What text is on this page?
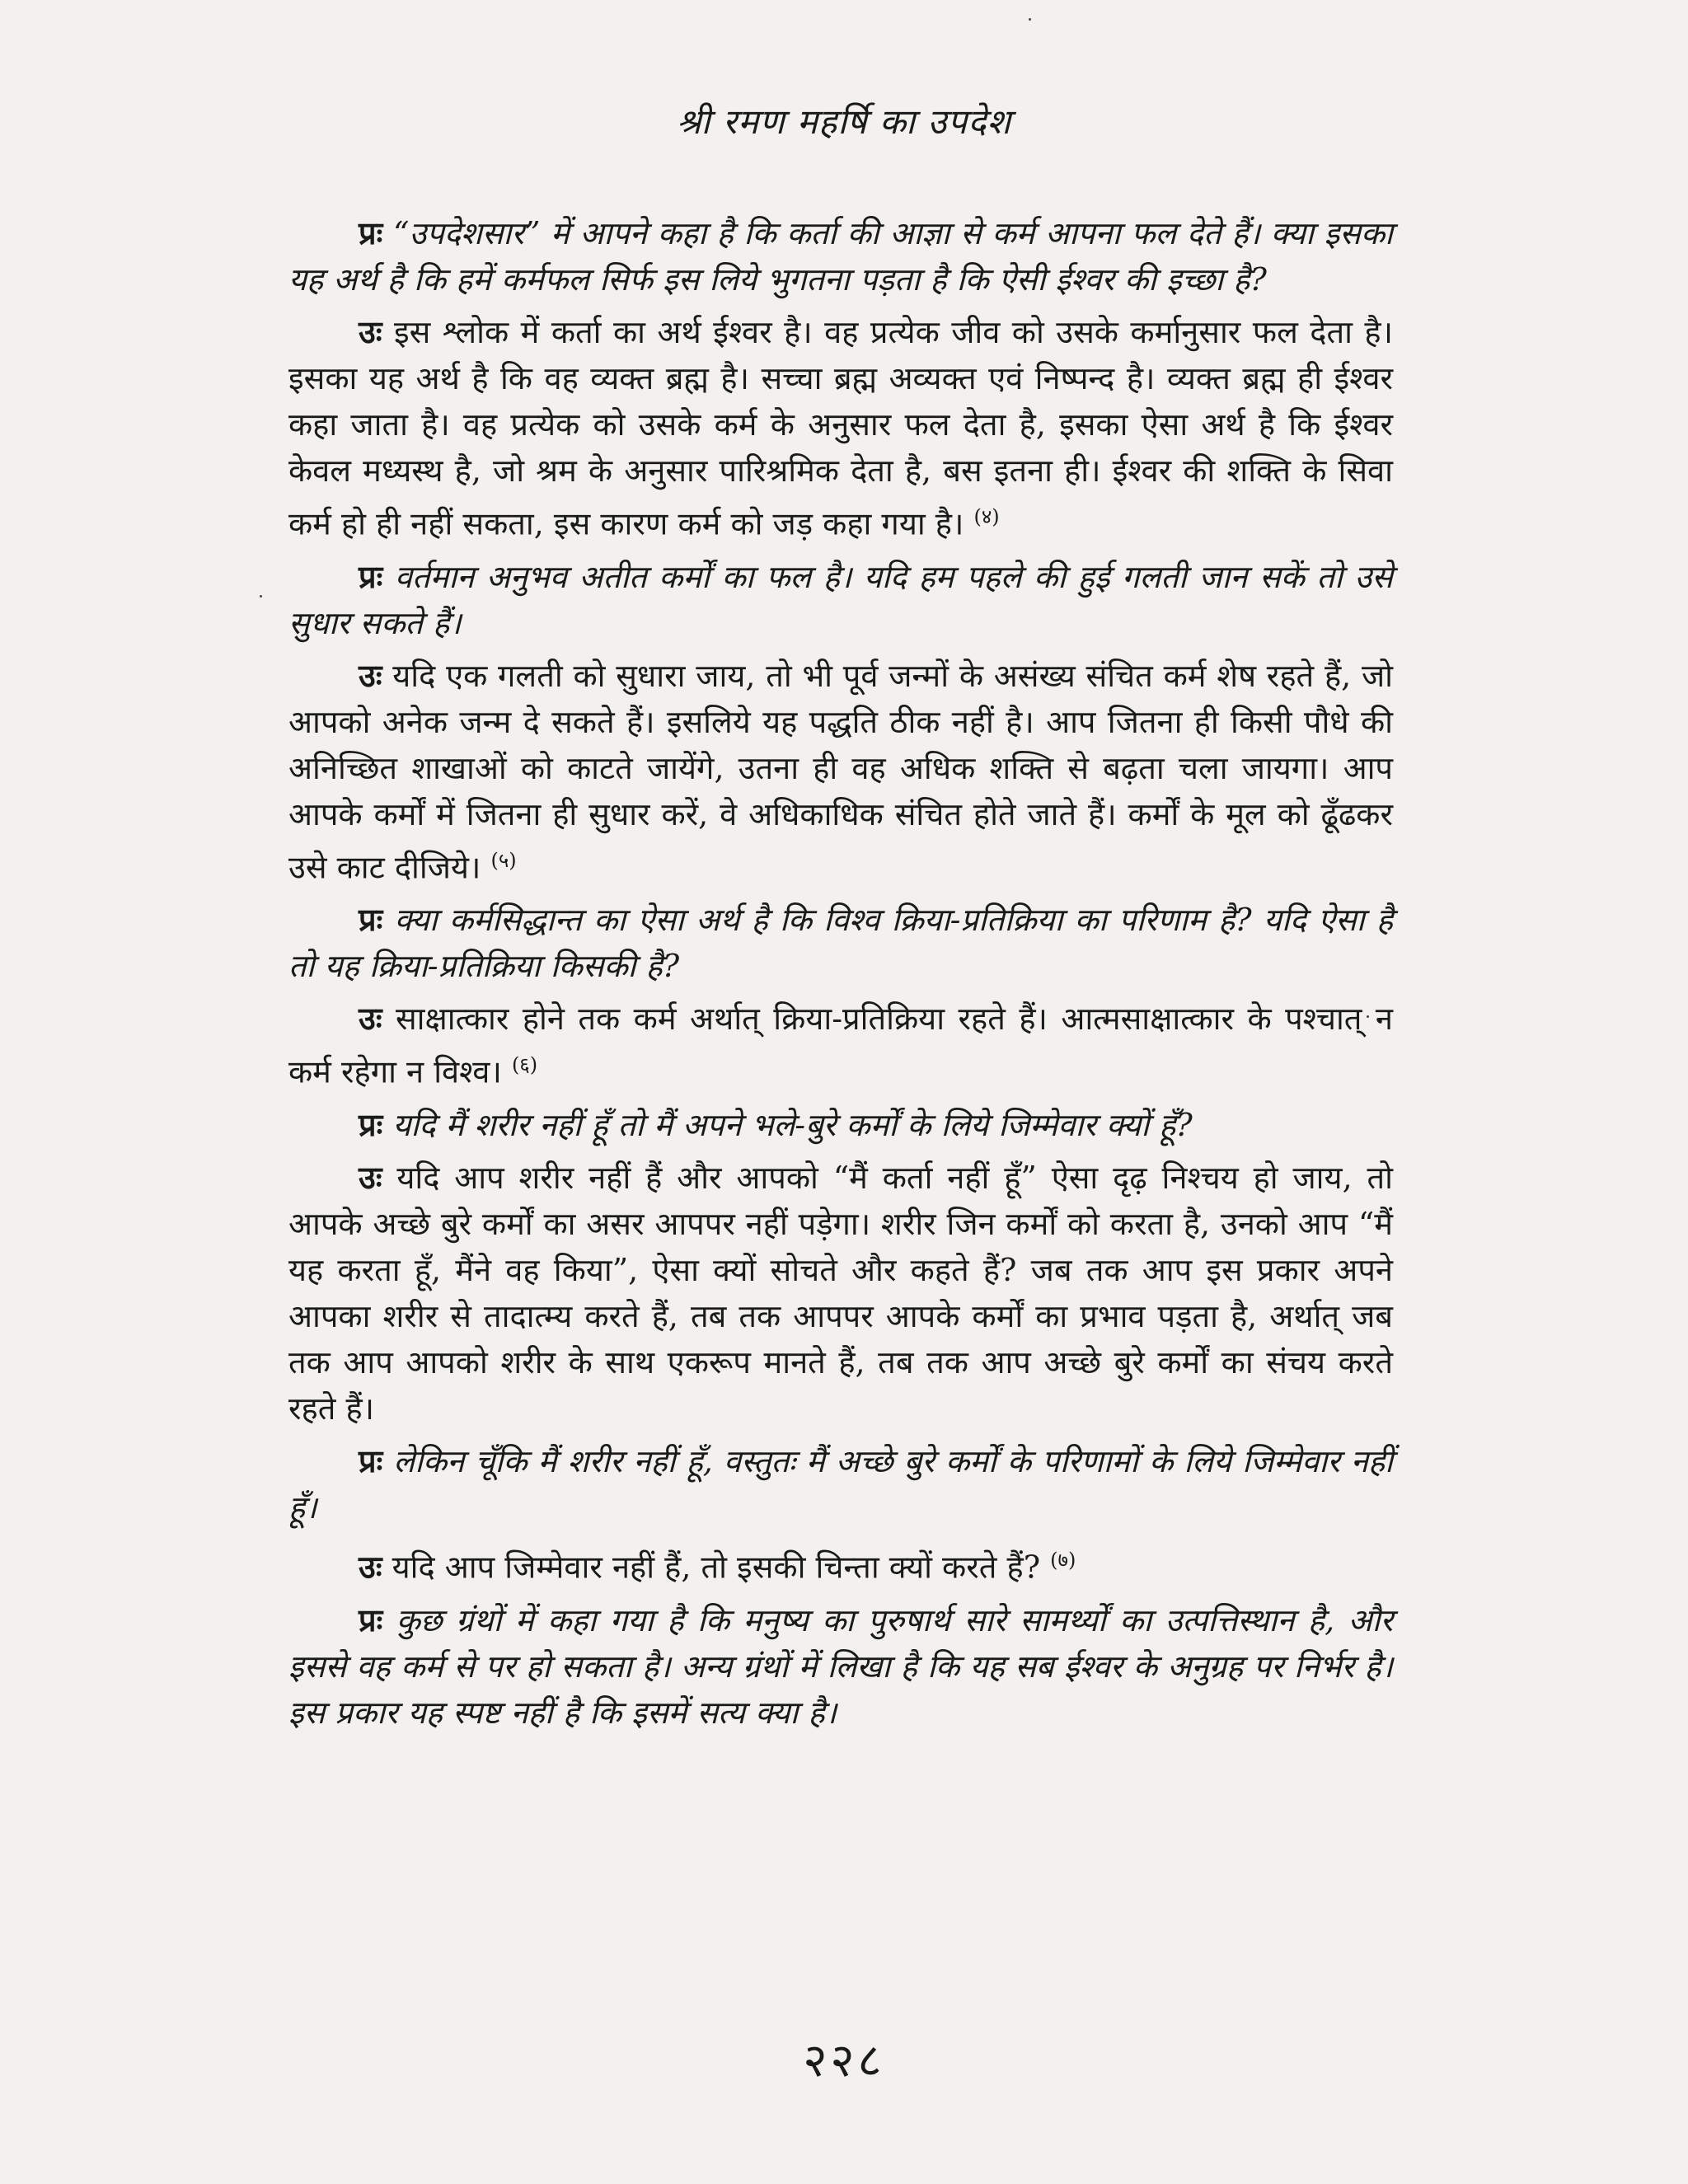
श्री रमण महर्षि का उपदेश

प्रः “उपदेशसार” में आपने कहा है कि कर्ता की आज्ञा से कर्म आपना फल देते हैं। क्या इसका यह अर्थ है कि हमें कर्मफल सिर्फ इस लिये भुगतना पड़ता है कि ऐसी ईश्वर की इच्छा है?

उः इस श्लोक में कर्ता का अर्थ ईश्वर है। वह प्रत्येक जीव को उसके कर्मानुसार फल देता है। इसका यह अर्थ है कि वह व्यक्त ब्रह्म है। सच्चा ब्रह्म अव्यक्त एवं निष्पन्द है। व्यक्त ब्रह्म ही ईश्वर कहा जाता है। वह प्रत्येक को उसके कर्म के अनुसार फल देता है, इसका ऐसा अर्थ है कि ईश्वर केवल मध्यस्थ है, जो श्रम के अनुसार पारिश्रमिक देता है, बस इतना ही। ईश्वर की शक्ति के सिवा कर्म हो ही नहीं सकता, इस कारण कर्म को जड़ कहा गया है। $^{(४)}$

प्रः वर्तमान अनुभव अतीत कर्मों का फल है। यदि हम पहले की हुई गलती जान सकें तो उसे सुधार सकते हैं।

उः यदि एक गलती को सुधारा जाय, तो भी पूर्व जन्मों के असंख्य संचित कर्म शेष रहते हैं, जो आपको अनेक जन्म दे सकते हैं। इसलिये यह पद्धति ठीक नहीं है। आप जितना ही किसी पौधे की अनिच्छित शाखाओं को काटते जायेंगे, उतना ही वह अधिक शक्ति से बढ़ता चला जायगा। आप आपके कर्मों में जितना ही सुधार करें, वे अधिकाधिक संचित होते जाते हैं। कर्मों के मूल को ढूँढकर उसे काट दीजिये। $^{(५)}$

प्रः क्या कर्मसिद्धान्त का ऐसा अर्थ है कि विश्व क्रिया-प्रतिक्रिया का परिणाम है? यदि ऐसा है तो यह क्रिया-प्रतिक्रिया किसकी है?

उः साक्षात्कार होने तक कर्म अर्थात् क्रिया-प्रतिक्रिया रहते हैं। आत्मसाक्षात्कार के पश्चात् न कर्म रहेगा न विश्व। $^{(६)}$

प्रः यदि मैं शरीर नहीं हूँ तो मैं अपने भले-बुरे कर्मों के लिये जिम्मेवार क्यों हूँ?

उः यदि आप शरीर नहीं हैं और आपको “मैं कर्ता नहीं हूँ” ऐसा दृढ़ निश्चय हो जाय, तो आपके अच्छे बुरे कर्मों का असर आपपर नहीं पड़ेगा। शरीर जिन कर्मों को करता है, उनको आप “मैं यह करता हूँ, मैंने वह किया”, ऐसा क्यों सोचते और कहते हैं? जब तक आप इस प्रकार अपने आपका शरीर से तादात्म्य करते हैं, तब तक आपपर आपके कर्मों का प्रभाव पड़ता है, अर्थात् जब तक आप आपको शरीर के साथ एकरूप मानते हैं, तब तक आप अच्छे बुरे कर्मों का संचय करते रहते हैं।

प्रः लेकिन चूँकि मैं शरीर नहीं हूँ, वस्तुतः मैं अच्छे बुरे कर्मों के परिणामों के लिये जिम्मेवार नहीं हूँ।

उः यदि आप जिम्मेवार नहीं हैं, तो इसकी चिन्ता क्यों करते हैं? $^{(७)}$

प्रः कुछ ग्रंथों में कहा गया है कि मनुष्य का पुरुषार्थ सारे सामर्थ्यों का उत्पत्तिस्थान है, और इससे वह कर्म से पर हो सकता है। अन्य ग्रंथों में लिखा है कि यह सब ईश्वर के अनुग्रह पर निर्भर है। इस प्रकार यह स्पष्ट नहीं है कि इसमें सत्य क्या है।

२२८
